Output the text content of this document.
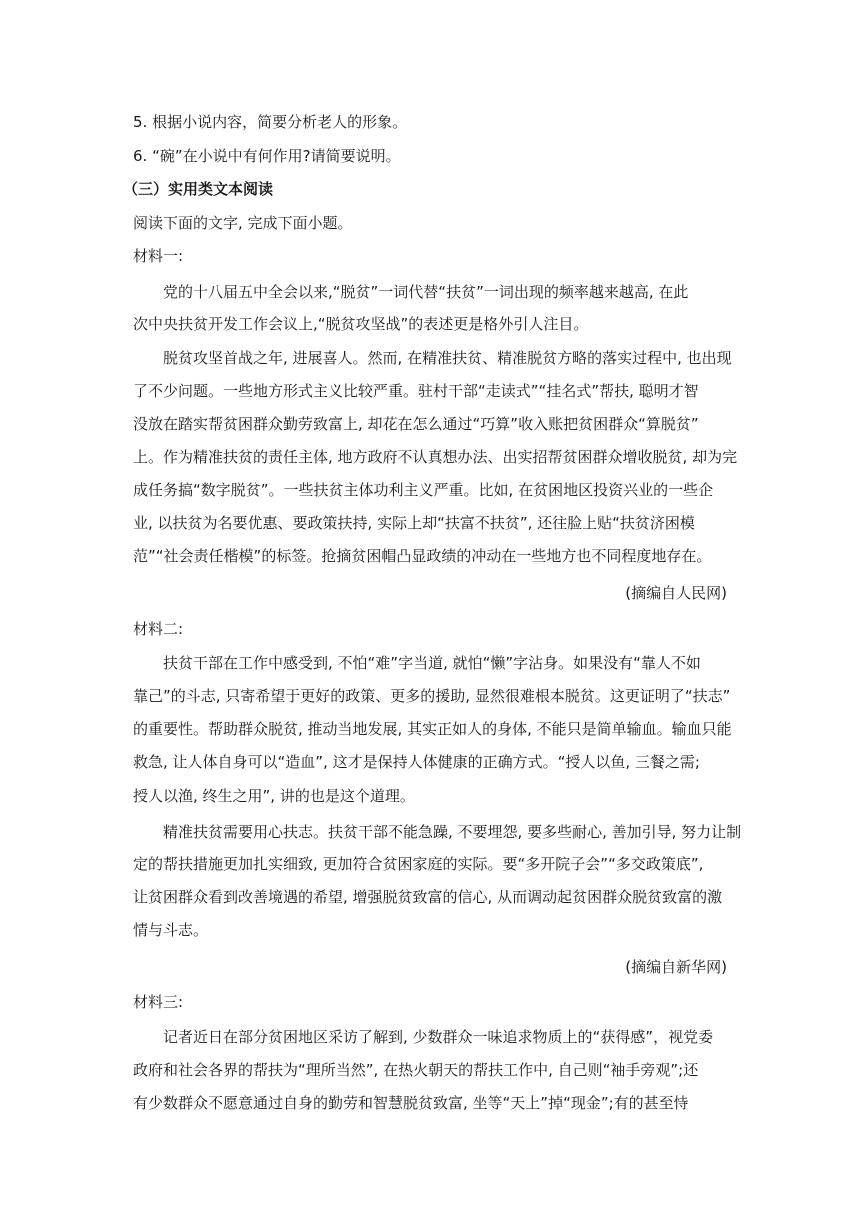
5. 根据小说内容，简要分析老人的形象。
6. “碗”在小说中有何作用?请简要说明。
（三）实用类文本阅读
阅读下面的文字, 完成下面小题。
材料一:
党的十八届五中全会以来,“脱贫”一词代替“扶贫”一词出现的频率越来越高, 在此
次中央扶贫开发工作会议上,“脱贫攻坚战”的表述更是格外引人注目。
脱贫攻坚首战之年, 进展喜人。然而, 在精准扶贫、精准脱贫方略的落实过程中, 也出现
了不少问题。一些地方形式主义比较严重。驻村干部“走读式”“挂名式”帮扶, 聪明才智
没放在踏实帮贫困群众勤劳致富上, 却花在怎么通过“巧算”收入账把贫困群众“算脱贫”
上。作为精准扶贫的责任主体, 地方政府不认真想办法、出实招帮贫困群众增收脱贫, 却为完
成任务搞“数字脱贫”。一些扶贫主体功利主义严重。比如, 在贫困地区投资兴业的一些企
业, 以扶贫为名要优惠、要政策扶持, 实际上却“扶富不扶贫”, 还往脸上贴“扶贫济困模
范”“社会责任楷模”的标签。抢摘贫困帽凸显政绩的冲动在一些地方也不同程度地存在。
(摘编自人民网)
材料二:
扶贫干部在工作中感受到, 不怕“难”字当道, 就怕“懒”字沾身。如果没有“靠人不如
靠己”的斗志, 只寄希望于更好的政策、更多的援助, 显然很难根本脱贫。这更证明了“扶志”
的重要性。帮助群众脱贫, 推动当地发展, 其实正如人的身体, 不能只是简单输血。输血只能
救急, 让人体自身可以“造血”, 这才是保持人体健康的正确方式。“授人以鱼, 三餐之需;
授人以渔, 终生之用”, 讲的也是这个道理。
精准扶贫需要用心扶志。扶贫干部不能急躁, 不要埋怨, 要多些耐心, 善加引导, 努力让制
定的帮扶措施更加扎实细致, 更加符合贫困家庭的实际。要“多开院子会”“多交政策底”,
让贫困群众看到改善境遇的希望, 增强脱贫致富的信心, 从而调动起贫困群众脱贫致富的激
情与斗志。
(摘编自新华网)
材料三:
记者近日在部分贫困地区采访了解到, 少数群众一味追求物质上的“获得感”，视党委
政府和社会各界的帮扶为“理所当然”, 在热火朝天的帮扶工作中, 自己则“袖手旁观”;还
有少数群众不愿意通过自身的勤劳和智慧脱贫致富, 坐等“天上”掉“现金”;有的甚至恃
